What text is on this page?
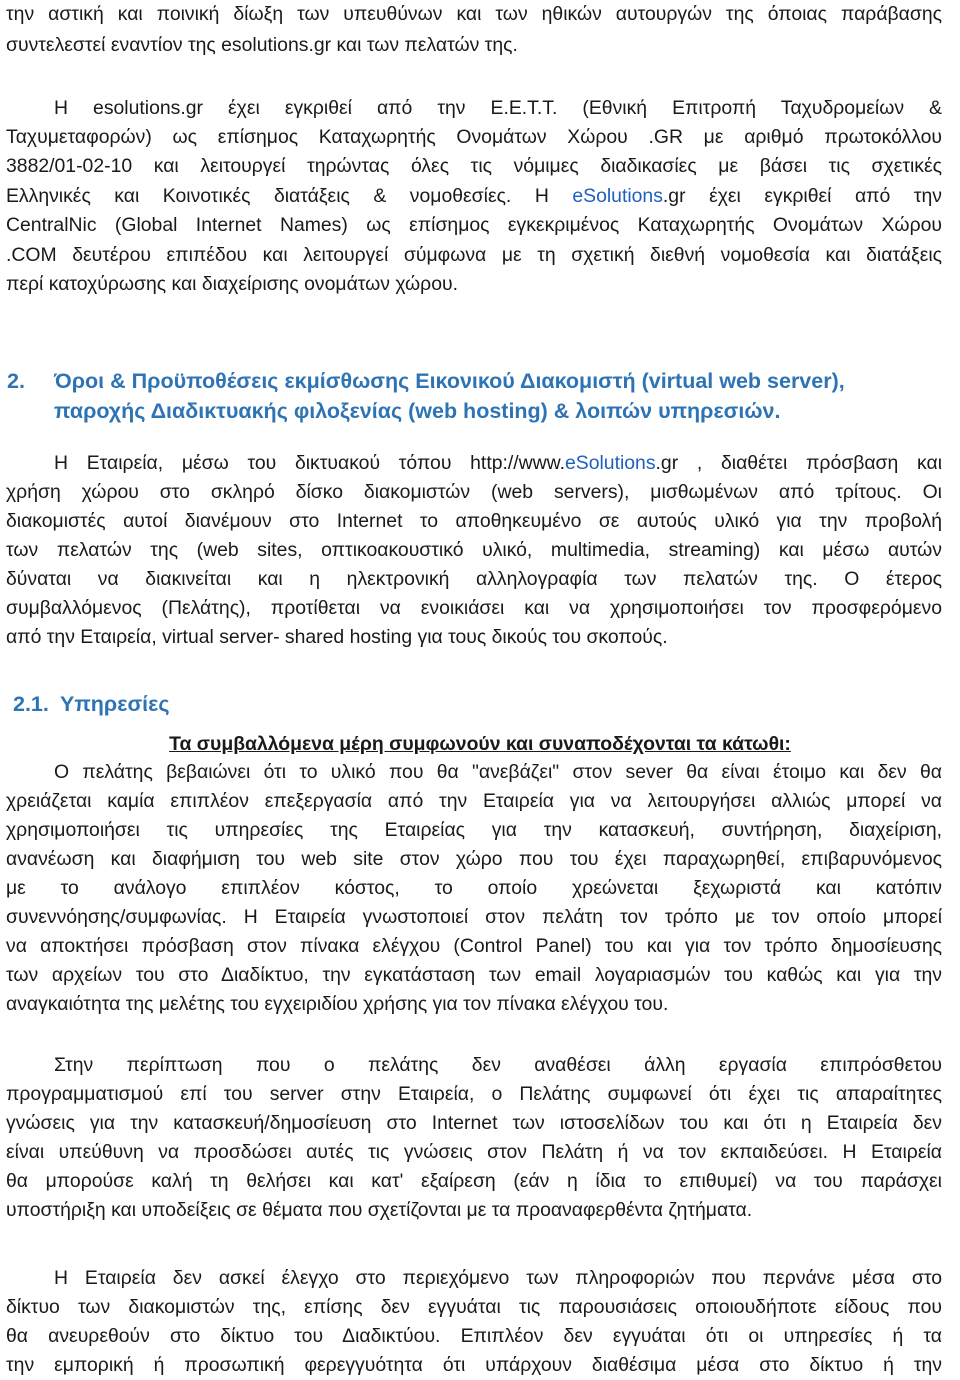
την αστική και ποινική δίωξη των υπευθύνων και των ηθικών αυτουργών της όποιας παράβασης
συντελεστεί εναντίον της esolutions.gr και των πελατών της.
Η esolutions.gr έχει εγκριθεί από την Ε.Ε.Τ.Τ. (Εθνική Επιτροπή Ταχυδρομείων &
Ταχυμεταφορών) ως επίσημος Καταχωρητής Ονομάτων Χώρου .GR με αριθμό πρωτοκόλλου
3882/01-02-10 και λειτουργεί τηρώντας όλες τις νόμιμες διαδικασίες με βάσει τις σχετικές
Ελληνικές και Κοινοτικές διατάξεις & νομοθεσίες. Η eSolutions.gr έχει εγκριθεί από την
CentralNic (Global Internet Names) ως επίσημος εγκεκριμένος Καταχωρητής Ονομάτων Χώρου
.COM δευτέρου επιπέδου και λειτουργεί σύμφωνα με τη σχετική διεθνή νομοθεσία και διατάξεις
περί κατοχύρωσης και διαχείρισης ονομάτων χώρου.
2. Όροι & Προϋποθέσεις εκμίσθωσης Εικονικού Διακομιστή (virtual web server),
παροχής Διαδικτυακής φιλοξενίας (web hosting) & λοιπών υπηρεσιών.
Η Εταιρεία, μέσω του δικτυακού τόπου http://www.eSolutions.gr , διαθέτει πρόσβαση και
χρήση χώρου στο σκληρό δίσκο διακομιστών (web servers), μισθωμένων από τρίτους. Οι
διακομιστές αυτοί διανέμουν στο Internet το αποθηκευμένο σε αυτούς υλικό για την προβολή
των πελατών της (web sites, οπτικοακουστικό υλικό, multimedia, streaming) και μέσω αυτών
δύναται να διακινείται και η ηλεκτρονική αλληλογραφία των πελατών της. Ο έτερος
συμβαλλόμενος (Πελάτης), προτίθεται να ενοικιάσει και να χρησιμοποιήσει τον προσφερόμενο
από την Εταιρεία, virtual server- shared hosting για τους δικούς του σκοπούς.
2.1. Υπηρεσίες
Τα συμβαλλόμενα μέρη συμφωνούν και συναποδέχονται τα κάτωθι:
Ο πελάτης βεβαιώνει ότι το υλικό που θα "ανεβάζει" στον sever θα είναι έτοιμο και δεν θα
χρειάζεται καμία επιπλέον επεξεργασία από την Εταιρεία για να λειτουργήσει αλλιώς μπορεί να
χρησιμοποιήσει τις υπηρεσίες της Εταιρείας για την κατασκευή, συντήρηση, διαχείριση,
ανανέωση και διαφήμιση του web site στον χώρο που του έχει παραχωρηθεί, επιβαρυνόμενος
με το ανάλογο επιπλέον κόστος, το οποίο χρεώνεται ξεχωριστά και κατόπιν
συνεννόησης/συμφωνίας. Η Εταιρεία γνωστοποιεί στον πελάτη τον τρόπο με τον οποίο μπορεί
να αποκτήσει πρόσβαση στον πίνακα ελέγχου (Control Panel) του και για τον τρόπο δημοσίευσης
των αρχείων του στο Διαδίκτυο, την εγκατάσταση των email λογαριασμών του καθώς και για την
αναγκαιότητα της μελέτης του εγχειριδίου χρήσης για τον πίνακα ελέγχου του.
Στην περίπτωση που ο πελάτης δεν αναθέσει άλλη εργασία επιπρόσθετου
προγραμματισμού επί του server στην Εταιρεία, ο Πελάτης συμφωνεί ότι έχει τις απαραίτητες
γνώσεις για την κατασκευή/δημοσίευση στο Internet των ιστοσελίδων του και ότι η Εταιρεία δεν
είναι υπεύθυνη να προσδώσει αυτές τις γνώσεις στον Πελάτη ή να τον εκπαιδεύσει. Η Εταιρεία
θα μπορούσε καλή τη θελήσει και κατ' εξαίρεση (εάν η ίδια το επιθυμεί) να του παράσχει
υποστήριξη και υποδείξεις σε θέματα που σχετίζονται με τα προαναφερθέντα ζητήματα.
Η Εταιρεία δεν ασκεί έλεγχο στο περιεχόμενο των πληροφοριών που περνάνε μέσα στο
δίκτυο των διακομιστών της, επίσης δεν εγγυάται τις παρουσιάσεις οποιουδήποτε είδους που
θα ανευρεθούν στο δίκτυο του Διαδικτύου. Επιπλέον δεν εγγυάται ότι οι υπηρεσίες ή τα
την εμπορική ή προσωπική φερεγγυότητα ότι υπάρχουν διαθέσιμα μέσα στο δίκτυο ή την
